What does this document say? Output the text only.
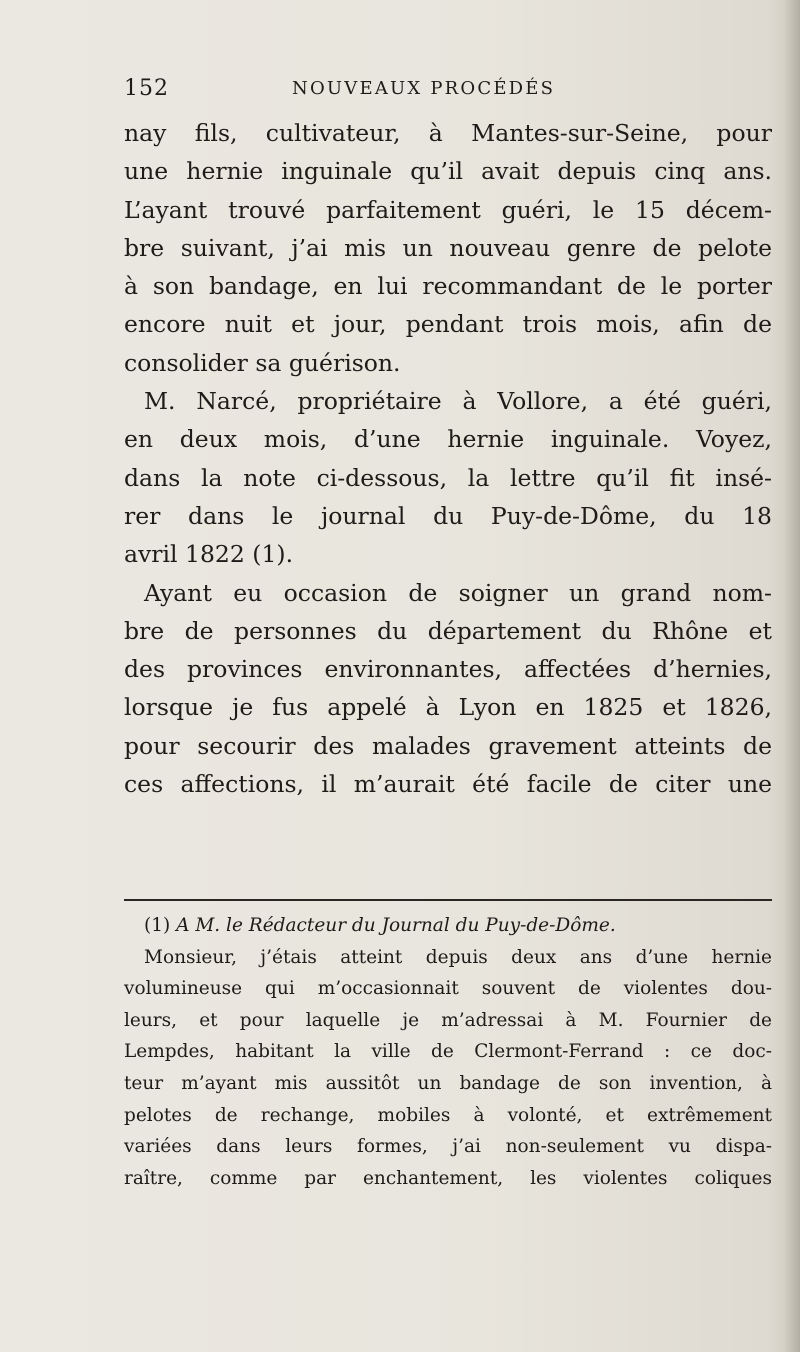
152	NOUVEAUX PROCÉDÉS
nay fils, cultivateur, à Mantes-sur-Seine, pour
une hernie inguinale qu’il avait depuis cinq ans.
L’ayant trouvé parfaitement guéri, le 15 décem-
bre suivant, j’ai mis un nouveau genre de pelote
à son bandage, en lui recommandant de le porter
encore nuit et jour, pendant trois mois, afin de
consolider sa guérison.
M. Narcé, propriétaire à Vollore, a été guéri,
en deux mois, d’une hernie inguinale. Voyez,
dans la note ci-dessous, la lettre qu’il fit insé-
rer dans le journal du Puy-de-Dôme, du 18
avril 1822 (1).
Ayant eu occasion de soigner un grand nom-
bre de personnes du département du Rhône et
des provinces environnantes, affectées d’hernies,
lorsque je fus appelé à Lyon en 1825 et 1826,
pour secourir des malades gravement atteints de
ces affections, il m’aurait été facile de citer une
(1) A M. le Rédacteur du Journal du Puy-de-Dôme.
Monsieur, j’étais atteint depuis deux ans d’une hernie
volumineuse qui m’occasionnait souvent de violentes dou-
leurs, et pour laquelle je m’adressai à M. Fournier de
Lempdes, habitant la ville de Clermont-Ferrand : ce doc-
teur m’ayant mis aussitôt un bandage de son invention, à
pelotes de rechange, mobiles à volonté, et extrêmement
variées dans leurs formes, j’ai non-seulement vu dispa-
raître, comme par enchantement, les violentes coliques
